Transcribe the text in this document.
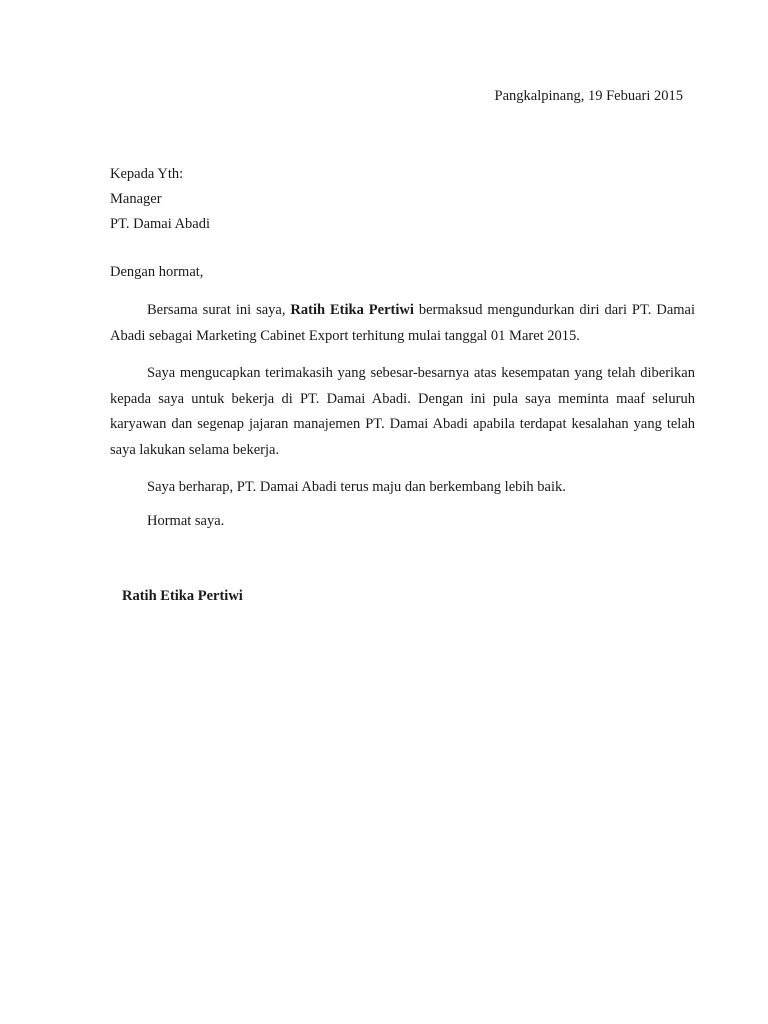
Pangkalpinang, 19 Febuari 2015
Kepada Yth:
Manager
PT. Damai Abadi
Dengan hormat,

Bersama surat ini saya, Ratih Etika Pertiwi bermaksud mengundurkan diri dari PT. Damai Abadi sebagai Marketing Cabinet Export terhitung mulai tanggal 01 Maret 2015.

Saya mengucapkan terimakasih yang sebesar-besarnya atas kesempatan yang telah diberikan kepada saya untuk bekerja di PT. Damai Abadi. Dengan ini pula saya meminta maaf seluruh karyawan dan segenap jajaran manajemen PT. Damai Abadi apabila terdapat kesalahan yang telah saya lakukan selama bekerja.

Saya berharap, PT. Damai Abadi terus maju dan berkembang lebih baik.

Hormat saya.
Ratih Etika Pertiwi
